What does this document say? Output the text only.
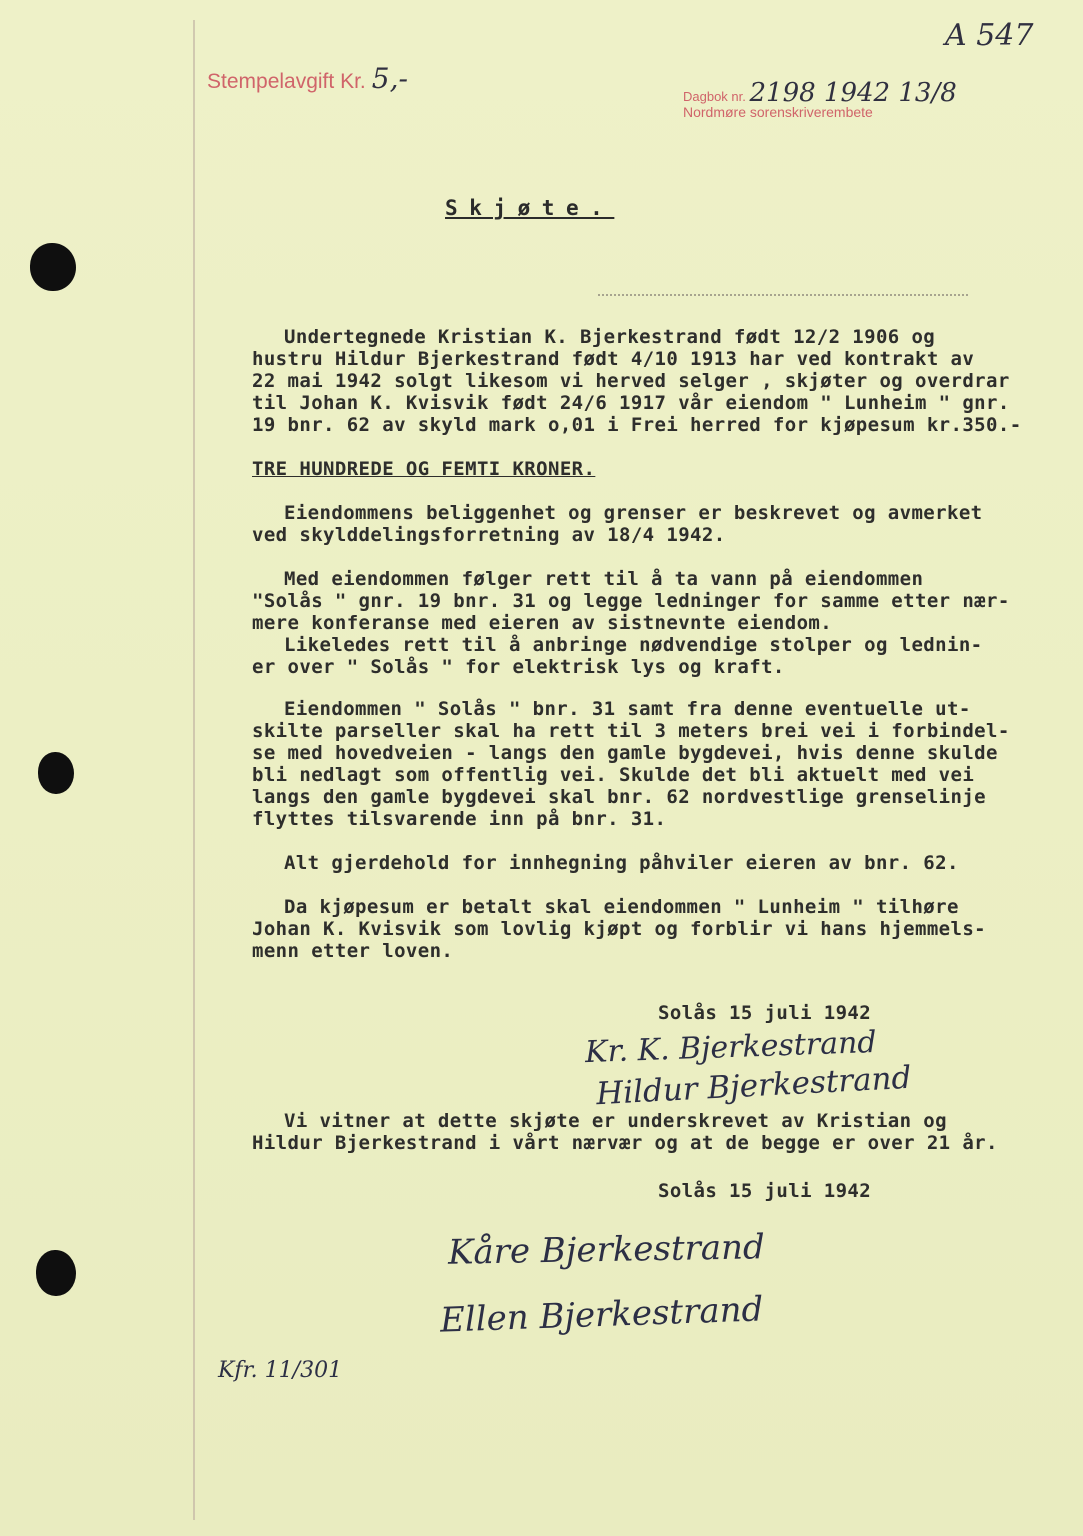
Stempelavgift Kr. 5,-
Dagbok nr. 2198 1942 13/8
Nordmøre sorenskriverembete
A 547
Skjøte.
Undertegnede Kristian K. Bjerkestrand født 12/2 1906 og
hustru Hildur Bjerkestrand født 4/10 1913 har ved kontrakt av
22 mai 1942 solgt likesom vi herved selger , skjøter og overdrar
til Johan K. Kvisvik født 24/6 1917 vår eiendom " Lunheim " gnr.
19 bnr. 62 av skyld mark o,01 i Frei herred for kjøpesum kr.350.-
TRE HUNDREDE OG FEMTI KRONER.
Eiendommens beliggenhet og grenser er beskrevet og avmerket
ved skylddelingsforretning av 18/4 1942.
Med eiendommen følger rett til å ta vann på eiendommen
"Solås " gnr. 19 bnr. 31 og legge ledninger for samme etter nær-
mere konferanse med eieren av sistnevnte eiendom.
Likeledes rett til å anbringe nødvendige stolper og lednin-
er over " Solås " for elektrisk lys og kraft.
Eiendommen " Solås " bnr. 31 samt fra denne eventuelle ut-
skilte parseller skal ha rett til 3 meters brei vei i forbindel-
se med hovedveien - langs den gamle bygdevei, hvis denne skulde
bli nedlagt som offentlig vei. Skulde det bli aktuelt med vei
langs den gamle bygdevei skal bnr. 62 nordvestlige grenselinje
flyttes tilsvarende inn på bnr. 31.
Alt gjerdehold for innhegning påhviler eieren av bnr. 62.
Da kjøpesum er betalt skal eiendommen " Lunheim " tilhøre
Johan K. Kvisvik som lovlig kjøpt og forblir vi hans hjemmels-
menn etter loven.
Solås 15 juli 1942
Kr. K. Bjerkestrand
Hildur Bjerkestrand
Vi vitner at dette skjøte er underskrevet av Kristian og
Hildur Bjerkestrand i vårt nærvær og at de begge er over 21 år.
Solås 15 juli 1942
Kåre Bjerkestrand
Ellen Bjerkestrand
Kfr. 11/301
